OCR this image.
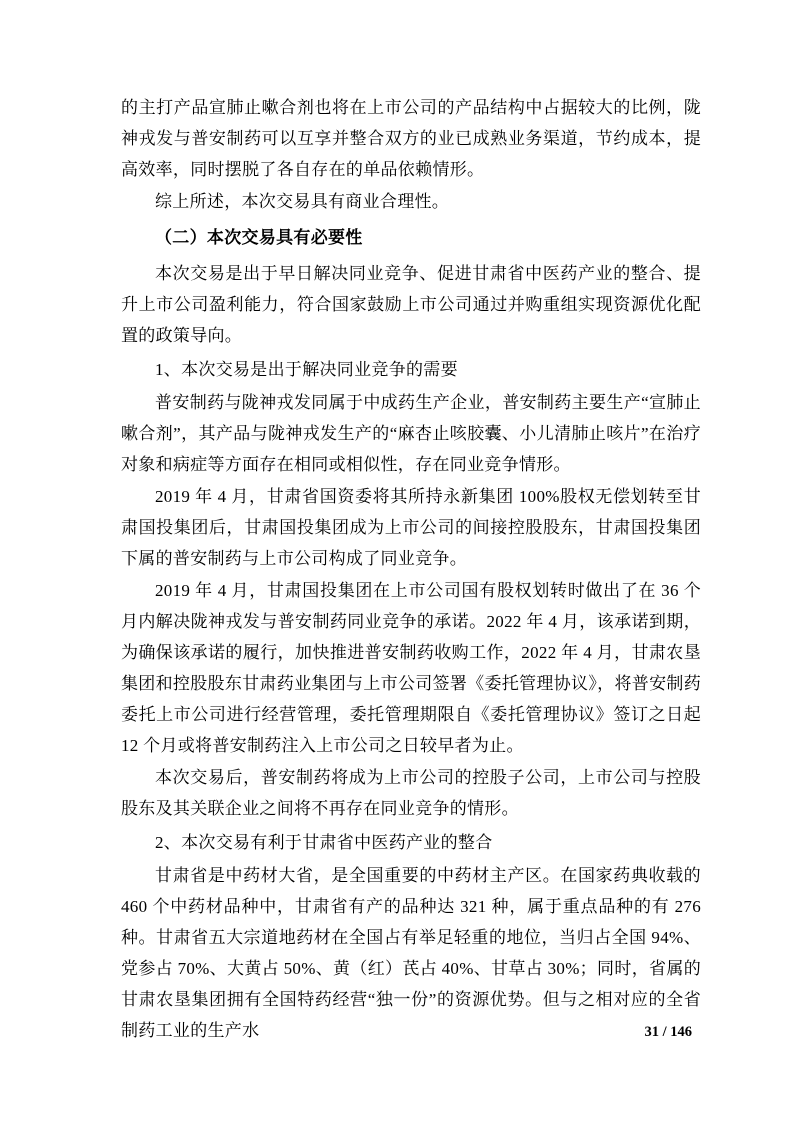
的主打产品宣肺止嗽合剂也将在上市公司的产品结构中占据较大的比例，陇神戎发与普安制药可以互享并整合双方的业已成熟业务渠道，节约成本，提高效率，同时摆脱了各自存在的单品依赖情形。

综上所述，本次交易具有商业合理性。

（二）本次交易具有必要性

本次交易是出于早日解决同业竞争、促进甘肃省中医药产业的整合、提升上市公司盈利能力，符合国家鼓励上市公司通过并购重组实现资源优化配置的政策导向。

1、本次交易是出于解决同业竞争的需要

普安制药与陇神戎发同属于中成药生产企业，普安制药主要生产“宣肺止嗽合剂”，其产品与陇神戎发生产的“麻杏止咳胶囊、小儿清肺止咳片”在治疗对象和病症等方面存在相同或相似性，存在同业竞争情形。

2019 年 4 月，甘肃省国资委将其所持永新集团 100%股权无偿划转至甘肃国投集团后，甘肃国投集团成为上市公司的间接控股股东，甘肃国投集团下属的普安制药与上市公司构成了同业竞争。

2019 年 4 月，甘肃国投集团在上市公司国有股权划转时做出了在 36 个月内解决陇神戎发与普安制药同业竞争的承诺。2022 年 4 月，该承诺到期，为确保该承诺的履行，加快推进普安制药收购工作，2022 年 4 月，甘肃农垦集团和控股股东甘肃药业集团与上市公司签署《委托管理协议》，将普安制药委托上市公司进行经营管理，委托管理期限自《委托管理协议》签订之日起 12 个月或将普安制药注入上市公司之日较早者为止。

本次交易后，普安制药将成为上市公司的控股子公司，上市公司与控股股东及其关联企业之间将不再存在同业竞争的情形。

2、本次交易有利于甘肃省中医药产业的整合

甘肃省是中药材大省，是全国重要的中药材主产区。在国家药典收载的 460 个中药材品种中，甘肃省有产的品种达 321 种，属于重点品种的有 276 种。甘肃省五大宗道地药材在全国占有举足轻重的地位，当归占全国 94%、党参占 70%、大黄占 50%、黄（红）芪占 40%、甘草占 30%；同时，省属的甘肃农垦集团拥有全国特药经营“独一份”的资源优势。但与之相对应的全省制药工业的生产水	31 / 146
